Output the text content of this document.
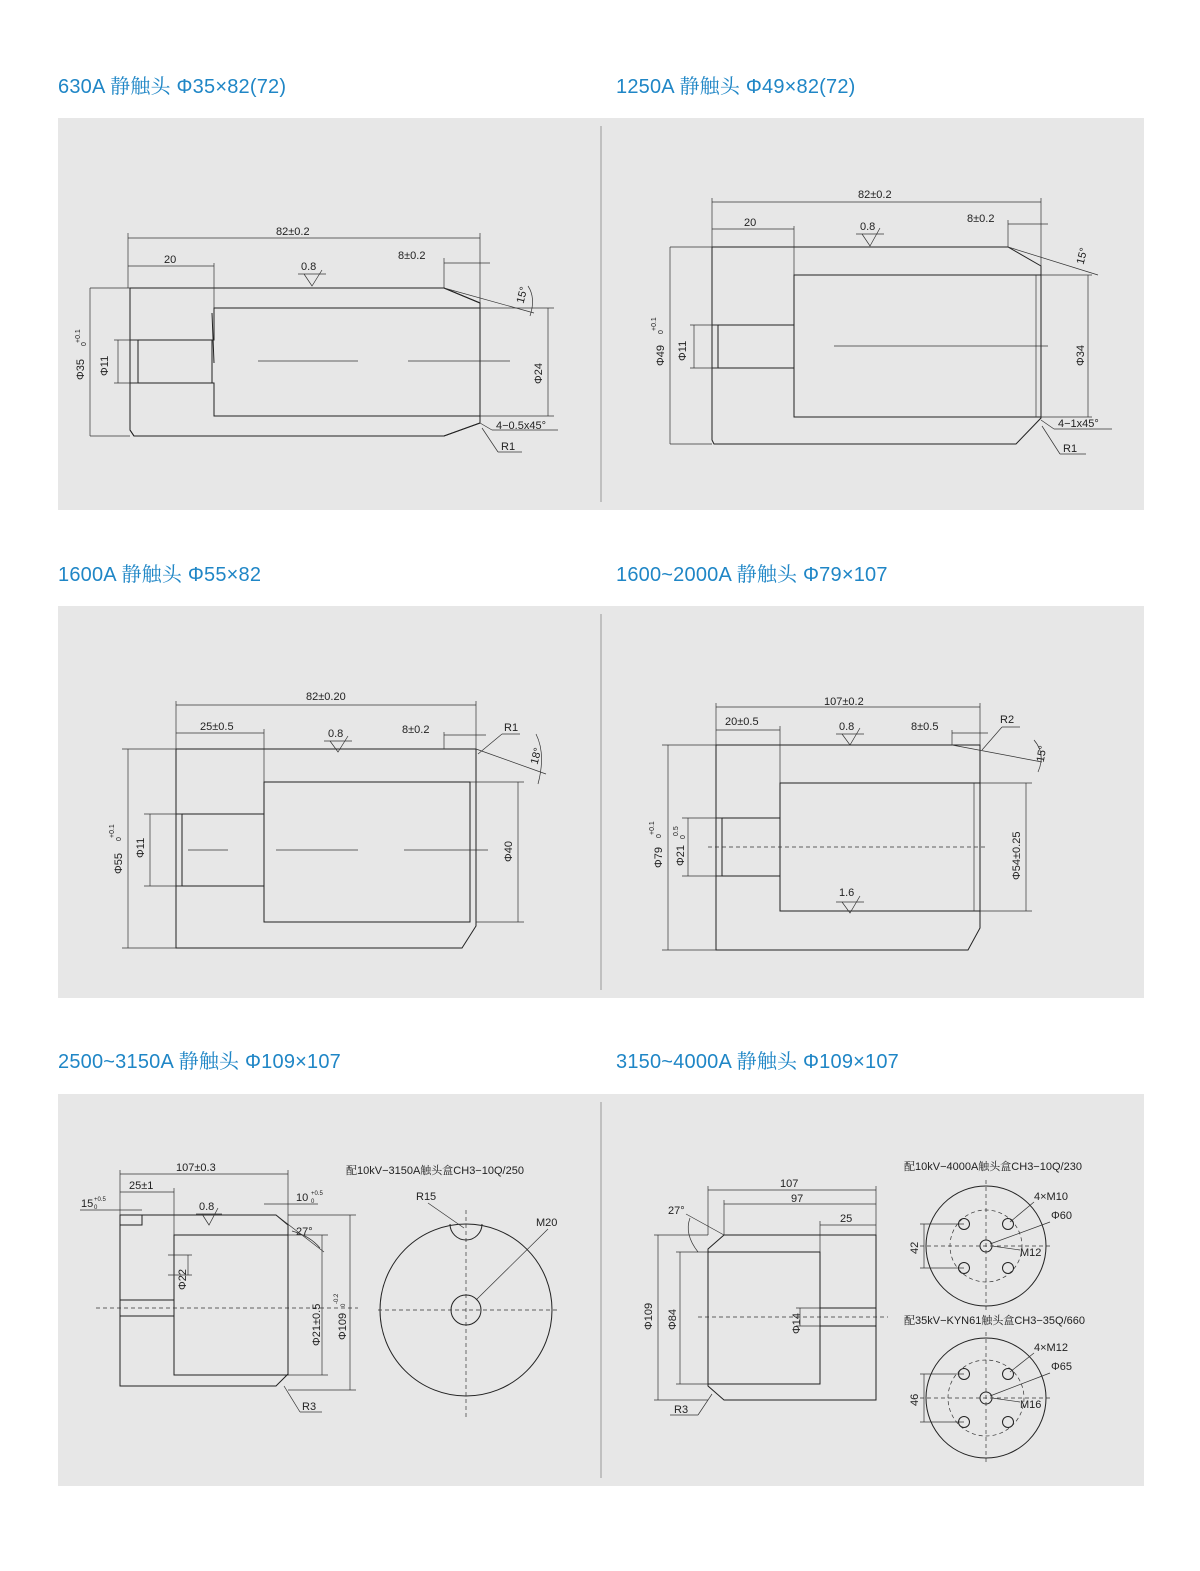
630A 静触头 Φ35×82(72)	1250A 静触头 Φ49×82(72)
1600A 静触头 Φ55×82	1600~2000A 静触头 Φ79×107
2500~3150A 静触头 Φ109×107	3150~4000A 静触头 Φ109×107
82±0.2
20	8±0.2
0.8
15°
Φ35
+0.1
0
Φ11	Φ24
4−0.5x45°
R1
82±0.2
20	8±0.2
0.8
15°
Φ49
+0.1
0
Φ11	Φ34
4−1x45°
R1
82±0.20
25±0.5	8±0.2
0.8	R1
18°
Φ55
+0.1
0 Φ11	Φ40
107±0.2
20±0.5	8±0.5
0.8
1.6
R2
15°
Φ79
+0.1
0
Φ21
0.5
0	Φ54±0.25
107±0.3
25±1
15 +0.5
0
10 +0.5
0
0.8
27°
Φ22
Φ21±0.5 Φ109
-0.2
0
R3
配10kV−3150A触头盒CH3−10Q/250
R15
M20
107
97
25
27°
Φ109 Φ84	Φ14
R3
配10kV−4000A触头盒CH3−10Q/230
42
4×M10
Φ60
M12
配35kV−KYN61触头盒CH3−35Q/660
46
4×M12
Φ65
M16
